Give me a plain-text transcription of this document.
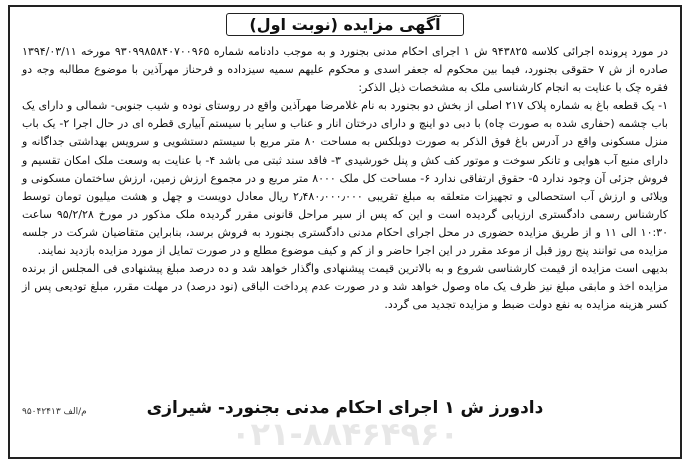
آگهی مزایده (نوبت اول)

در مورد پرونده اجرائی کلاسه ۹۴۳۸۲۵ ش ۱ اجرای احکام مدنی بجنورد و به موجب دادنامه شماره ۹۳۰۹۹۸۵۸۴۰۷۰۰۹۶۵ مورخه ۱۳۹۴/۰۳/۱۱ صادره از ش ۷ حقوقی بجنورد، فیما بین محکوم له جعفر اسدی و محکوم علیهم سمیه سیزداده و فرحناز مهرآذین با موضوع مطالبه وجه دو فقره چک با عنایت به انجام کارشناسی ملک به مشخصات ذیل الذکر:

۱- یک قطعه باغ به شماره پلاک ۲۱۷ اصلی از بخش دو بجنورد به نام غلامرضا مهرآذین واقع در روستای نوده و شیب جنوبی- شمالی و دارای یک باب چشمه (حفاری شده به صورت چاه) با دبی دو اینچ و دارای درختان انار و عناب و سایر با سیستم آبیاری قطره ای در حال اجرا ۲- یک باب منزل مسکونی واقع در آدرس باغ فوق الذکر به صورت دوبلکس به مساحت ۸۰ متر مربع با سیستم دستشویی و سرویس بهداشتی جداگانه و دارای منبع آب هوایی و تانکر سوخت و موتور کف کش و پنل خورشیدی ۳- فاقد سند ثبتی می باشد ۴- با عنایت به وسعت ملک امکان تقسیم و فروش جزئی آن وجود ندارد ۵- حقوق ارتفاقی ندارد ۶- مساحت کل ملک ۸۰۰۰ متر مربع و در مجموع ارزش زمین، ارزش ساختمان مسکونی و ویلائی و ارزش آب استحصالی و تجهیزات متعلقه به مبلغ تقریبی ۲٫۴۸۰٫۰۰۰٫۰۰۰ ریال معادل دویست و چهل و هشت میلیون تومان توسط کارشناس رسمی دادگستری ارزیابی گردیده است و این که پس از سیر مراحل قانونی مقرر گردیده ملک مذکور در مورخ ۹۵/۲/۲۸ ساعت ۱۰:۳۰ الی ۱۱ و از طریق مزایده حضوری در محل اجرای احکام مدنی دادگستری بجنورد به فروش برسد، بنابراین متقاضیان شرکت در جلسه مزایده می توانند پنج روز قبل از موعد مقرر در این اجرا حاضر و از کم و کیف موضوع مطلع و در صورت تمایل از مورد مزایده بازدید نمایند.

بدیهی است مزایده از قیمت کارشناسی شروع و به بالاترین قیمت پیشنهادی واگذار خواهد شد و ده درصد مبلغ پیشنهادی فی المجلس از برنده مزایده اخذ و مابقی مبلغ نیز ظرف یک ماه وصول خواهد شد و در صورت عدم پرداخت الباقی (نود درصد) در مهلت مقرر، مبلغ تودیعی پس از کسر هزینه مزایده به نفع دولت ضبط و مزایده تجدید می گردد.

۰۲۱-۸۸۴۶۴۹۶۰
دادورز ش ۱ اجرای احکام مدنی بجنورد- شیرازی
م/الف ۹۵۰۴۲۴۱۳
